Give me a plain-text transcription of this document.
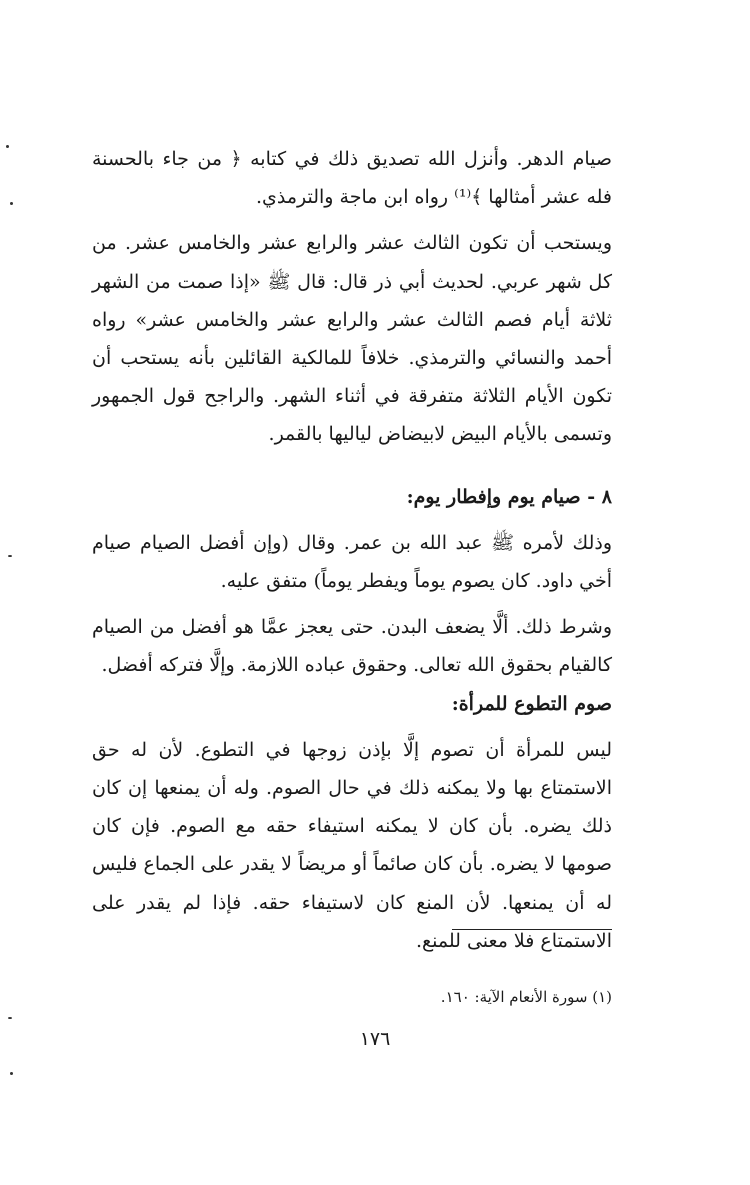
صيام الدهر. وأنزل الله تصديق ذلك في كتابه ﴿ من جاء بالحسنة فله عشر أمثالها ﴾⁽¹⁾ رواه ابن ماجة والترمذي.

ويستحب أن تكون الثالث عشر والرابع عشر والخامس عشر. من كل شهر عربي. لحديث أبي ذر قال: قال ﷺ «إذا صمت من الشهر ثلاثة أيام فصم الثالث عشر والرابع عشر والخامس عشر» رواه أحمد والنسائي والترمذي. خلافاً للمالكية القائلين بأنه يستحب أن تكون الأيام الثلاثة متفرقة في أثناء الشهر. والراجح قول الجمهور وتسمى بالأيام البيض لابيضاض لياليها بالقمر.

٨ - صيام يوم وإفطار يوم:

وذلك لأمره ﷺ عبد الله بن عمر. وقال (وإن أفضل الصيام صيام أخي داود. كان يصوم يوماً ويفطر يوماً) متفق عليه.

وشرط ذلك. ألَّا يضعف البدن. حتى يعجز عمَّا هو أفضل من الصيام كالقيام بحقوق الله تعالى. وحقوق عباده اللازمة. وإلَّا فتركه أفضل.

صوم التطوع للمرأة:

ليس للمرأة أن تصوم إلَّا بإذن زوجها في التطوع. لأن له حق الاستمتاع بها ولا يمكنه ذلك في حال الصوم. وله أن يمنعها إن كان ذلك يضره. بأن كان لا يمكنه استيفاء حقه مع الصوم. فإن كان صومها لا يضره. بأن كان صائماً أو مريضاً لا يقدر على الجماع فليس له أن يمنعها. لأن المنع كان لاستيفاء حقه. فإذا لم يقدر على الاستمتاع فلا معنى للمنع.

(١) سورة الأنعام الآية: ١٦٠.
١٧٦
